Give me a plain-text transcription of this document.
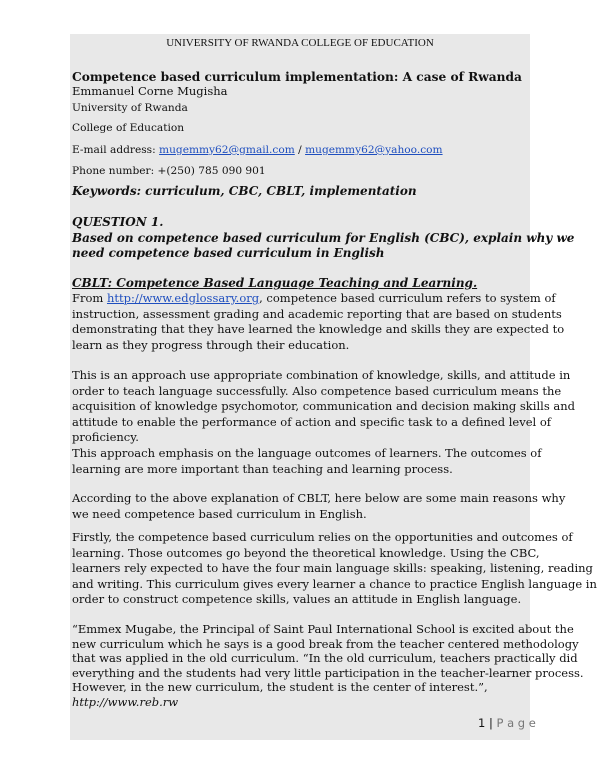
UNIVERSITY OF RWANDA COLLEGE OF EDUCATION
Competence based curriculum implementation: A case of Rwanda
Emmanuel Corne Mugisha
University of Rwanda
College of Education
E-mail address: mugemmy62@gmail.com / mugemmy62@yahoo.com
Phone number: +(250) 785 090 901
Keywords: curriculum, CBC, CBLT, implementation
QUESTION 1.
Based on competence based curriculum for English (CBC), explain why we
need competence based curriculum in English
CBLT: Competence Based Language Teaching and Learning.
From http://www.edglossary.org, competence based curriculum refers to system of
instruction, assessment grading and academic reporting that are based on students
demonstrating that they have learned the knowledge and skills they are expected to
learn as they progress through their education.
This is an approach use appropriate combination of knowledge, skills, and attitude in
order to teach language successfully. Also competence based curriculum means the
acquisition of knowledge psychomotor, communication and decision making skills and
attitude to enable the performance of action and specific task to a defined level of
proficiency.
This approach emphasis on the language outcomes of learners. The outcomes of
learning are more important than teaching and learning process.
According to the above explanation of CBLT, here below are some main reasons why
we need competence based curriculum in English.
Firstly, the competence based curriculum relies on the opportunities and outcomes of
learning. Those outcomes go beyond the theoretical knowledge. Using the CBC,
learners rely expected to have the four main language skills: speaking, listening, reading
and writing. This curriculum gives every learner a chance to practice English language in
order to construct competence skills, values an attitude in English language.
“Emmex Mugabe, the Principal of Saint Paul International School is excited about the
new curriculum which he says is a good break from the teacher centered methodology
that was applied in the old curriculum. “In the old curriculum, teachers practically did
everything and the students had very little participation in the teacher-learner process.
However, in the new curriculum, the student is the center of interest.”,
http://www.reb.rw
1 | P a g e
